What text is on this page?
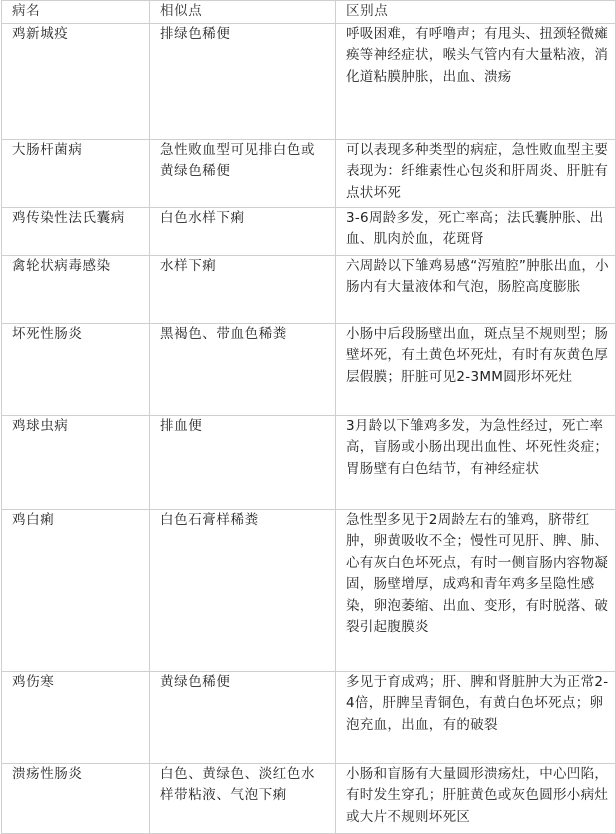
病名	相似点	区别点
鸡新城疫	排绿色稀便	呼吸困难，有呼噜声；有甩头、扭颈轻微瘫痪等神经症状，喉头气管内有大量粘液，消化道粘膜肿胀，出血、溃疡
大肠杆菌病	急性败血型可见排白色或黄绿色稀便	可以表现多种类型的病症，急性败血型主要表现为：纤维素性心包炎和肝周炎、肝脏有点状坏死
鸡传染性法氏囊病	白色水样下痢	3-6周龄多发，死亡率高；法氏囊肿胀、出血、肌肉於血，花斑肾
禽轮状病毒感染	水样下痢	六周龄以下雏鸡易感“泻殖腔”肿胀出血，小肠内有大量液体和气泡，肠腔高度膨胀
坏死性肠炎	黑褐色、带血色稀粪	小肠中后段肠壁出血，斑点呈不规则型；肠壁坏死，有土黄色坏死灶，有时有灰黄色厚层假膜；肝脏可见2-3MM圆形坏死灶
鸡球虫病	排血便	3月龄以下雏鸡多发，为急性经过，死亡率高，盲肠或小肠出现出血性、坏死性炎症；胃肠壁有白色结节，有神经症状
鸡白痢	白色石膏样稀粪	急性型多见于2周龄左右的雏鸡，脐带红肿，卵黄吸收不全；慢性可见肝、脾、肺、心有灰白色坏死点，有时一侧盲肠内容物凝固，肠壁增厚，成鸡和青年鸡多呈隐性感染，卵泡萎缩、出血、变形，有时脱落、破裂引起腹膜炎
鸡伤寒	黄绿色稀便	多见于育成鸡；肝、脾和肾脏肿大为正常2-4倍，肝脾呈青铜色，有黄白色坏死点；卵泡充血，出血，有的破裂
溃疡性肠炎	白色、黄绿色、淡红色水样带粘液、气泡下痢	小肠和盲肠有大量圆形溃疡灶，中心凹陷，有时发生穿孔；肝脏黄色或灰色圆形小病灶或大片不规则坏死区
